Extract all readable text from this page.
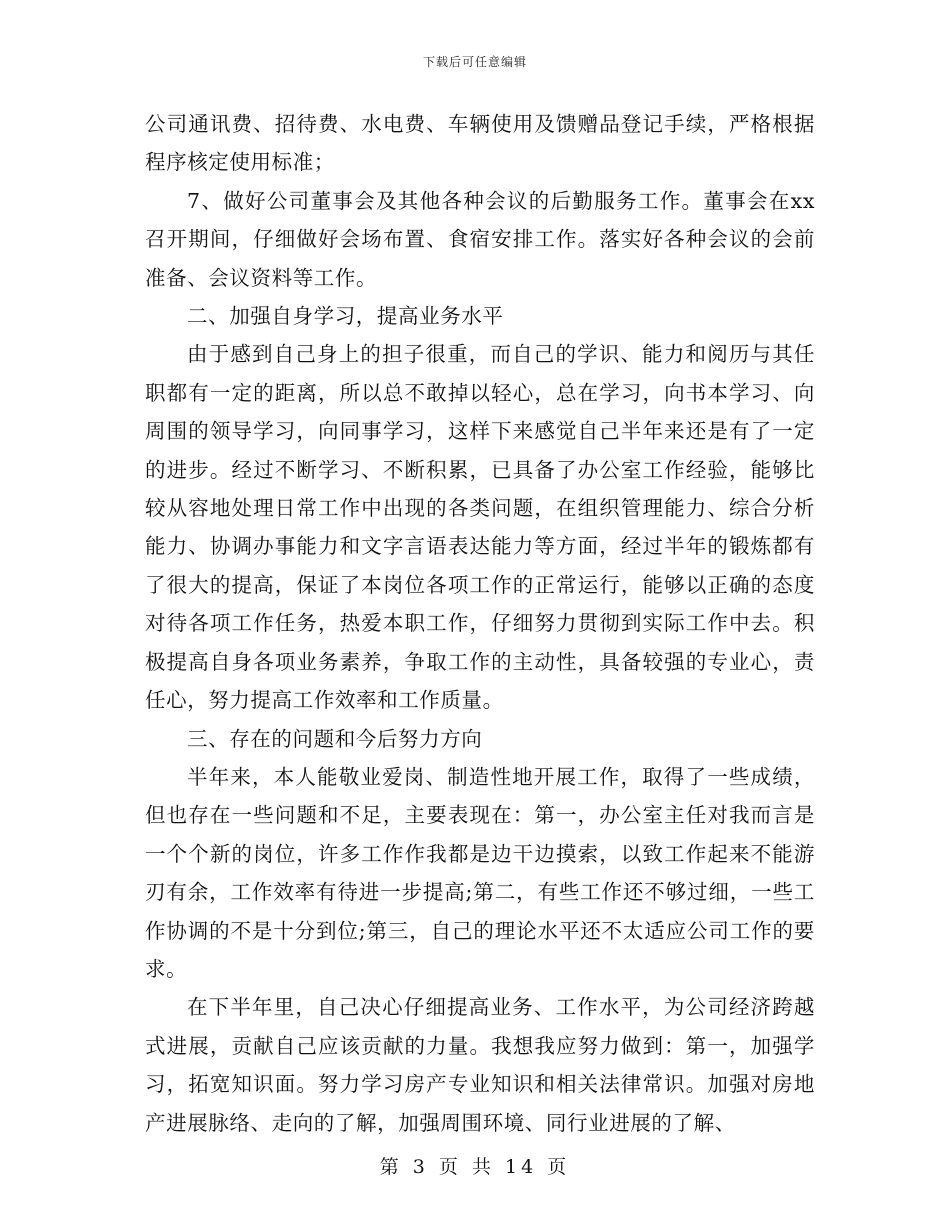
下载后可任意编辑

公司通讯费、招待费、水电费、车辆使用及馈赠品登记手续，严格根据程序核定使用标准；

7、做好公司董事会及其他各种会议的后勤服务工作。董事会在xx召开期间，仔细做好会场布置、食宿安排工作。落实好各种会议的会前准备、会议资料等工作。

二、加强自身学习，提高业务水平

由于感到自己身上的担子很重，而自己的学识、能力和阅历与其任职都有一定的距离，所以总不敢掉以轻心，总在学习，向书本学习、向周围的领导学习，向同事学习，这样下来感觉自己半年来还是有了一定的进步。经过不断学习、不断积累，已具备了办公室工作经验，能够比较从容地处理日常工作中出现的各类问题，在组织管理能力、综合分析能力、协调办事能力和文字言语表达能力等方面，经过半年的锻炼都有了很大的提高，保证了本岗位各项工作的正常运行，能够以正确的态度对待各项工作任务，热爱本职工作，仔细努力贯彻到实际工作中去。积极提高自身各项业务素养，争取工作的主动性，具备较强的专业心，责任心，努力提高工作效率和工作质量。

三、存在的问题和今后努力方向

半年来，本人能敬业爱岗、制造性地开展工作，取得了一些成绩，但也存在一些问题和不足，主要表现在：第一，办公室主任对我而言是一个个新的岗位，许多工作作我都是边干边摸索，以致工作起来不能游刃有余，工作效率有待进一步提高;第二，有些工作还不够过细，一些工作协调的不是十分到位;第三，自己的理论水平还不太适应公司工作的要求。

在下半年里，自己决心仔细提高业务、工作水平，为公司经济跨越式进展，贡献自己应该贡献的力量。我想我应努力做到：第一，加强学习，拓宽知识面。努力学习房产专业知识和相关法律常识。加强对房地产进展脉络、走向的了解，加强周围环境、同行业进展的了解、

第 3 页 共 14 页
